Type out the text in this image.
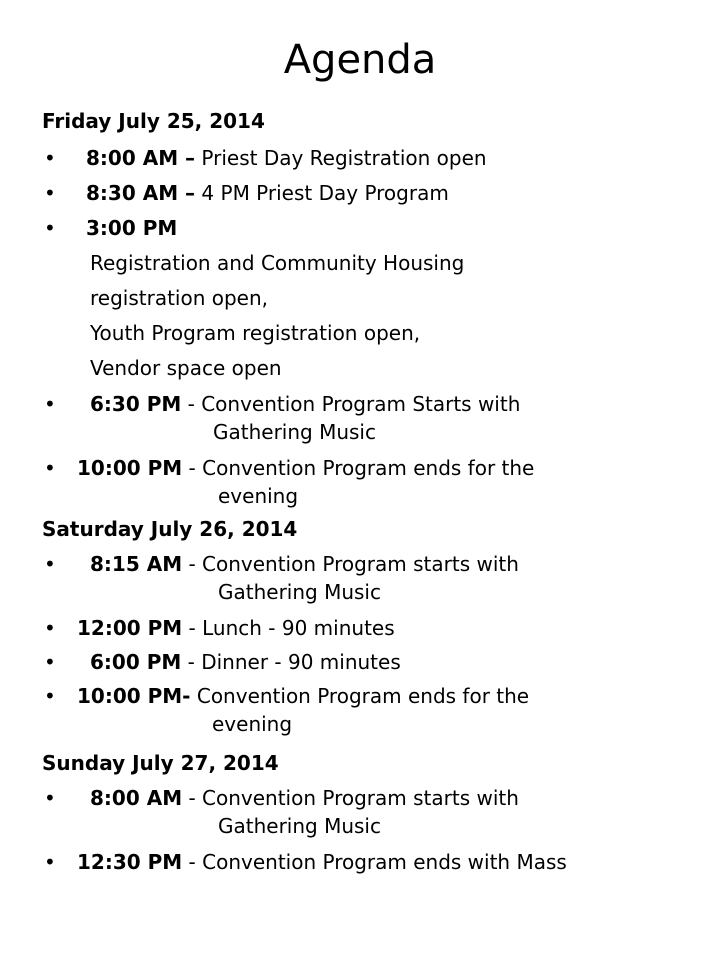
Agenda
Friday July 25, 2014
• 8:00 AM – Priest Day Registration open
• 8:30 AM – 4 PM Priest Day Program
• 3:00 PM
Registration and Community Housing
registration open,
Youth Program registration open,
Vendor space open
• 6:30 PM - Convention Program Starts with
Gathering Music
• 10:00 PM - Convention Program ends for the
evening
Saturday July 26, 2014
• 8:15 AM - Convention Program starts with
Gathering Music
• 12:00 PM - Lunch - 90 minutes
• 6:00 PM - Dinner - 90 minutes
• 10:00 PM- Convention Program ends for the
evening
Sunday July 27, 2014
• 8:00 AM - Convention Program starts with
Gathering Music
• 12:30 PM - Convention Program ends with Mass
